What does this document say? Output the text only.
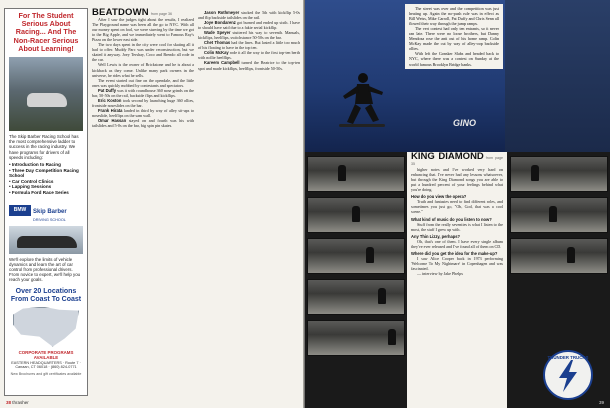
For The Student Serious About Racing... And The Non-Racer Serious About Learning!
The Skip Barber Racing School has the most comprehensive ladder to success in the racing industry. We have programs for drivers of all speeds including:
• Introduction to Racing
• Three Day Competition Racing School
• Car Control Clinics
• Lapping Sessions
• Formula Ford Race Series
BMW	Skip Barber
DRIVING SCHOOL
We'll explore the limits of vehicle dynamics and learn the art of car control from professional drivers. From novice to expert, we'll help you reach your goals.
Over 20 Locations From Coast To Coast
CORPORATE PROGRAMS AVAILABLE
EASTERN HEADQUARTERS · Route 7 · Canaan, CT 06018 · (860) 824-0771
New Brochures and gift certificates available
BEATDOWN from page 36
After I saw the judges tight about the results, I realized The Playground name was been all the go to NYC. With all our money spent on fool, we were starving by the time we got to the Big Apple, and we immediately went to Famous Ray's Pizza on the lower east side.
The two days spent in the city were cool for skating all it had to offer. Muddy Parc was under reconstruction, but we skated it anyway. Joey Tershay, Coco and Brendo all rode in the car.
Well Lewis is the owner of Brickstone and he is about a kickback as they come. Unlike many park owners in the universe, he rides what he sells.
The event started out fine on the opendale, and the little ones was quickly mobbed by contestants and spectators.
Pat Duffy was it with roundhouse 360 nose grinds on the bar, 50-50s on the rail, backside flips and kickflips.
Eric Koston took second by launching huge 360 ollies, frontside noseslides on the bar.
Frank Hirata landed in third by way of alley sit-ups to noseslide, heelflips on the sam wall.
Omar Hassan stayed on and fourth was his with tailslides and 5-0s on the bar, big spin pin skates.
Jason Rothmeyer stacked the 5th with kickflip 5-0s and flip backside tailslides on the rail.
Joye Bondarenz got burned and ended up sixth. I have to should have said due to a fakie serial kickflip.
Wade Speyer stuttered his way to seventh. Manuals, kickflips, heelflips, switchstance 50-50s on the bar.
Chet Thomas had the lines. But lasted a little too much of his floating to have in the top ten.
Colin McKay rode it all the way to the first top-ten berth with nollie heelflips.
Kareem Campbell turned the Beatrice to the top-ten spot and made kickflips, heelflips, frontside 50-50s.
38 thrasher
The street was over and the competition was just heating up. Again the no-push rule was in effect as Bill Weiss, Mike Carroll, Pat Duffy and Chris Senn all flowed their way through the jump ramps.
The vert contest had only ten entrants, so it never ran late. There were no loose brothers, but Danny Mendoza rose the anti out of his home ramp. Colin McKay made the cut by way of alley-oop backside ollies.
With left the Gonsker Slabs and headed back to NYC, where there was a contest on Sunday at the world famous Brooklyn Bridge banks.
GINO
KING DIAMOND from page 35
higher notes and I've worked very hard on enhancing that. I've never had any lessons whatsoever, but through the King Diamond songs you are able to put a hundred percent of your feelings behind what you're doing.
How do you view the opera?
Truth and fantasies need to find different roles, and sometimes you just go, "Oh, God, that was a cool scene."
What kind of music do you listen to now?
Stuff from the really seventies is what I listen to the most, the stuff I grew up with.
Any Thin Lizzy, perhaps?
Oh, that's one of them. I have every single album they've ever released and I've found all of them on CD.
Where did you get the idea for the make-up?
I saw Alice Cooper back in 1973 performing 'Welcome To My Nightmare' in Copenhagen and was fascinated.
— interview by Jake Phelps
THUNDER TRUCKS
39
